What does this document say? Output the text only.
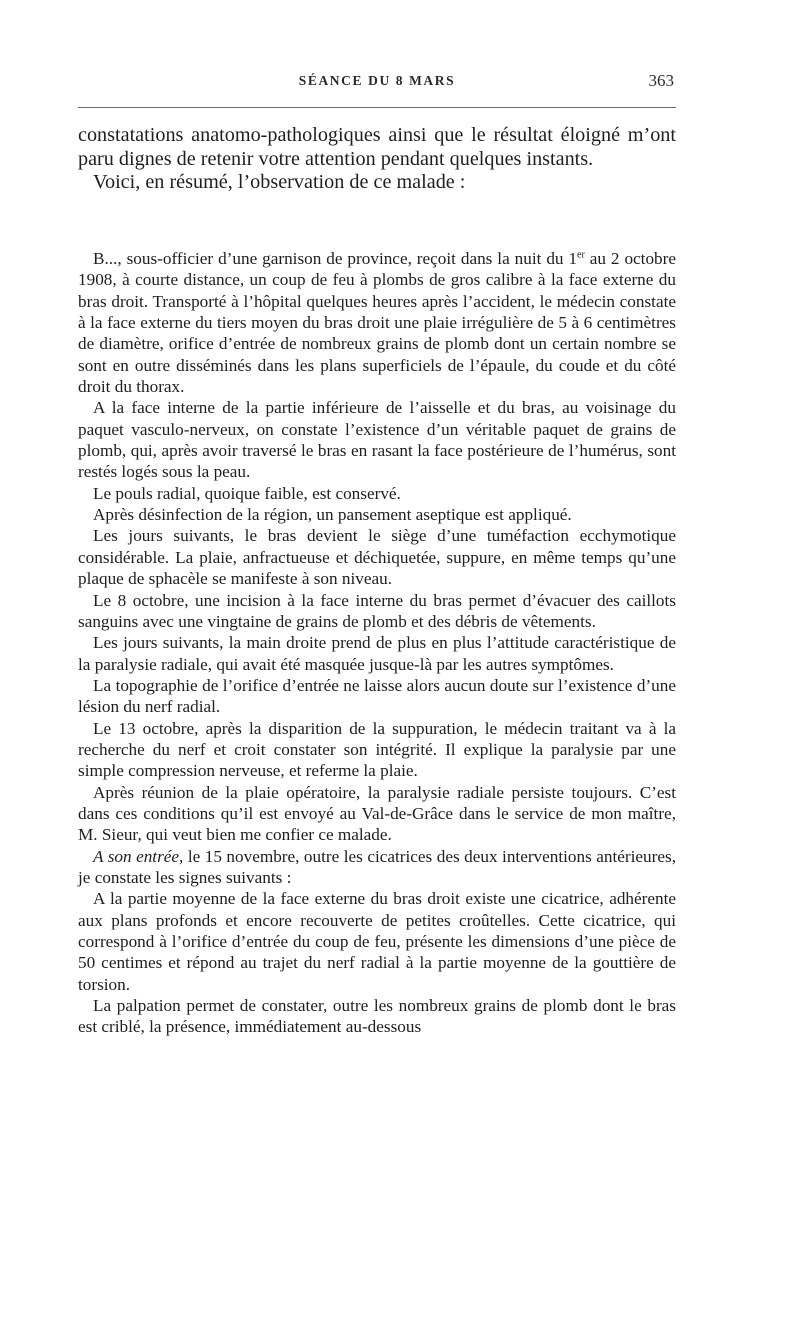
SÉANCE DU 8 MARS	363

constatations anatomo-pathologiques ainsi que le résultat éloigné m’ont paru dignes de retenir votre attention pendant quelques instants.

Voici, en résumé, l’observation de ce malade :

B..., sous-officier d’une garnison de province, reçoit dans la nuit du 1er au 2 octobre 1908, à courte distance, un coup de feu à plombs de gros calibre à la face externe du bras droit. Transporté à l’hôpital quelques heures après l’accident, le médecin constate à la face externe du tiers moyen du bras droit une plaie irrégulière de 5 à 6 centimètres de diamètre, orifice d’entrée de nombreux grains de plomb dont un certain nombre se sont en outre disséminés dans les plans superficiels de l’épaule, du coude et du côté droit du thorax.

A la face interne de la partie inférieure de l’aisselle et du bras, au voisinage du paquet vasculo-nerveux, on constate l’existence d’un véritable paquet de grains de plomb, qui, après avoir traversé le bras en rasant la face postérieure de l’humérus, sont restés logés sous la peau.

Le pouls radial, quoique faible, est conservé.

Après désinfection de la région, un pansement aseptique est appliqué.

Les jours suivants, le bras devient le siège d’une tuméfaction ecchymotique considérable. La plaie, anfractueuse et déchiquetée, suppure, en même temps qu’une plaque de sphacèle se manifeste à son niveau.

Le 8 octobre, une incision à la face interne du bras permet d’évacuer des caillots sanguins avec une vingtaine de grains de plomb et des débris de vêtements.

Les jours suivants, la main droite prend de plus en plus l’attitude caractéristique de la paralysie radiale, qui avait été masquée jusque-là par les autres symptômes.

La topographie de l’orifice d’entrée ne laisse alors aucun doute sur l’existence d’une lésion du nerf radial.

Le 13 octobre, après la disparition de la suppuration, le médecin traitant va à la recherche du nerf et croit constater son intégrité. Il explique la paralysie par une simple compression nerveuse, et referme la plaie.

Après réunion de la plaie opératoire, la paralysie radiale persiste toujours. C’est dans ces conditions qu’il est envoyé au Val-de-Grâce dans le service de mon maître, M. Sieur, qui veut bien me confier ce malade.

A son entrée, le 15 novembre, outre les cicatrices des deux interventions antérieures, je constate les signes suivants :

A la partie moyenne de la face externe du bras droit existe une cicatrice, adhérente aux plans profonds et encore recouverte de petites croûtelles. Cette cicatrice, qui correspond à l’orifice d’entrée du coup de feu, présente les dimensions d’une pièce de 50 centimes et répond au trajet du nerf radial à la partie moyenne de la gouttière de torsion.

La palpation permet de constater, outre les nombreux grains de plomb dont le bras est criblé, la présence, immédiatement au-dessous
